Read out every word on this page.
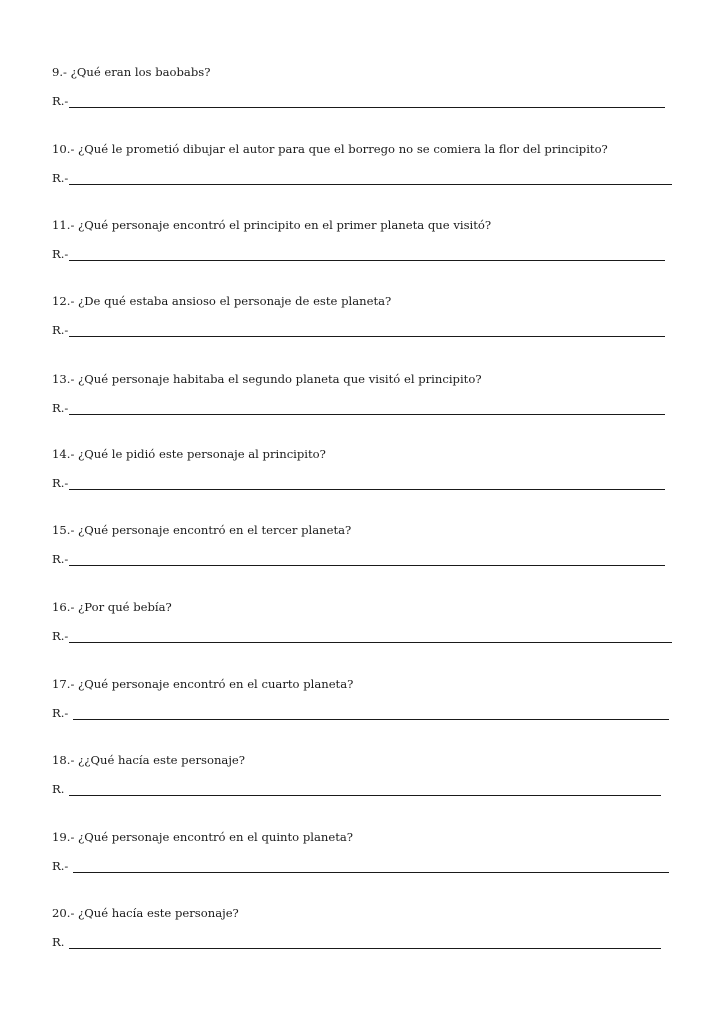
9.- ¿Qué eran los baobabs?
R.-
10.- ¿Qué le prometió dibujar el autor para que el borrego no se comiera la flor del principito?
R.-
11.- ¿Qué personaje encontró el principito en el primer planeta que visitó?
R.-
12.- ¿De qué estaba ansioso el personaje de este planeta?
R.-
13.- ¿Qué personaje habitaba el segundo planeta que visitó el principito?
R.-
14.- ¿Qué le pidió este personaje al principito?
R.-
15.- ¿Qué personaje encontró en el tercer planeta?
R.-
16.- ¿Por qué bebía?
R.-
17.- ¿Qué personaje encontró en el cuarto planeta?
R.-
18.- ¿¿Qué hacía este personaje?
R.
19.- ¿Qué personaje encontró en el quinto planeta?
R.-
20.- ¿Qué hacía este personaje?
R.
